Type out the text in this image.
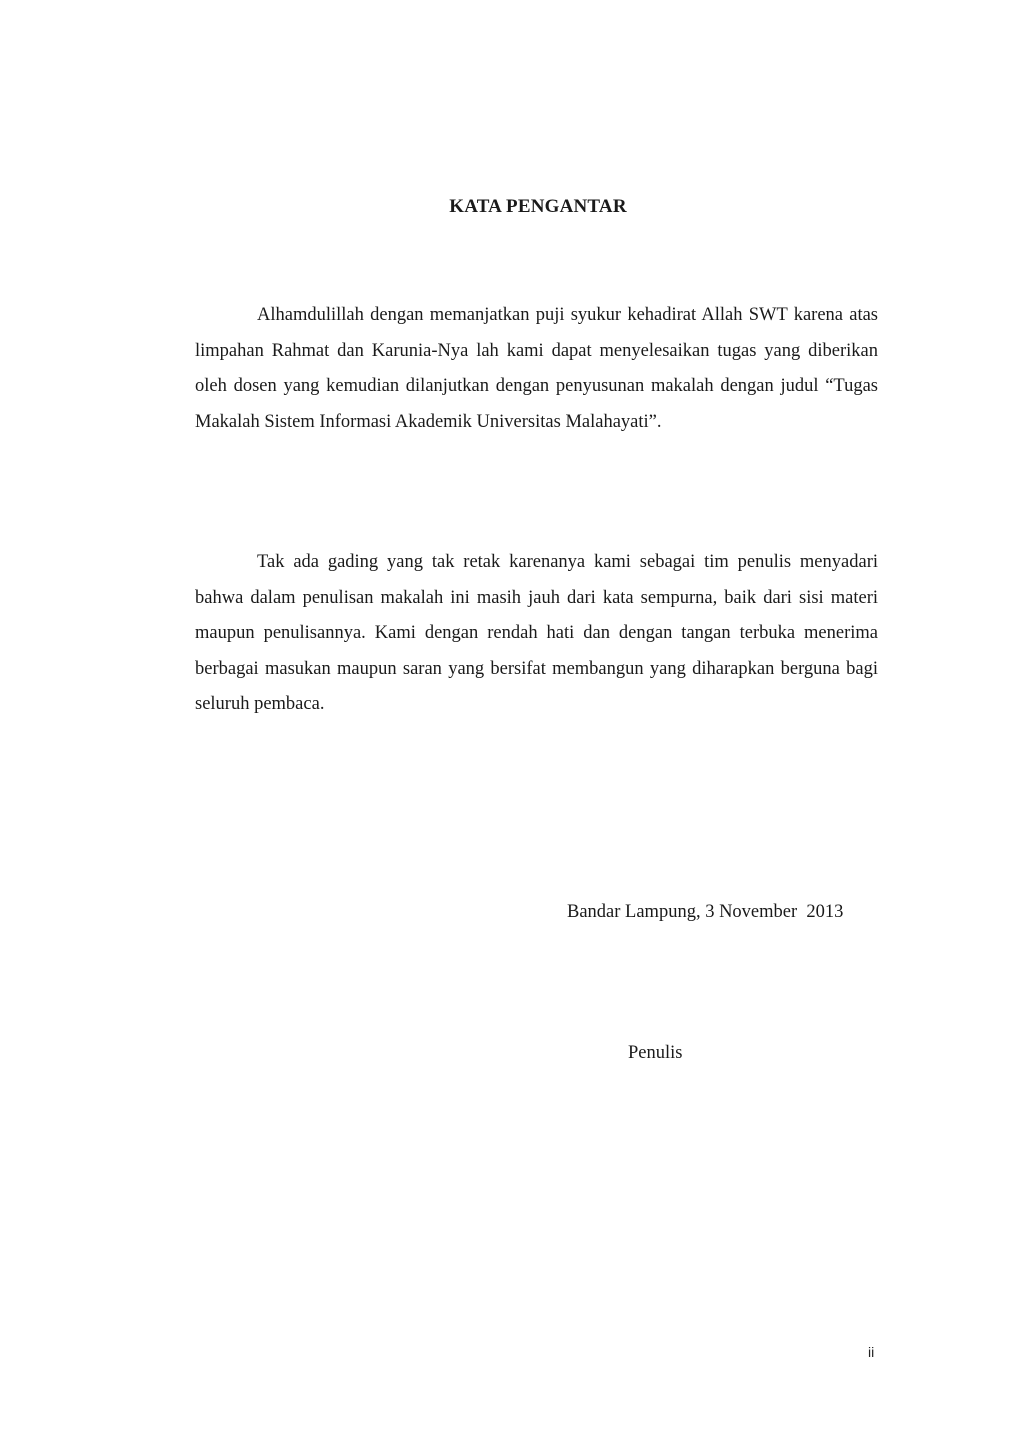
KATA PENGANTAR

Alhamdulillah dengan memanjatkan puji syukur kehadirat Allah SWT karena atas limpahan Rahmat dan Karunia-Nya lah kami dapat menyelesaikan tugas yang diberikan oleh dosen yang kemudian dilanjutkan dengan penyusunan makalah dengan judul “Tugas Makalah Sistem Informasi Akademik Universitas Malahayati”.

Tak ada gading yang tak retak karenanya kami sebagai tim penulis menyadari bahwa dalam penulisan makalah ini masih jauh dari kata sempurna, baik dari sisi materi maupun penulisannya. Kami dengan rendah hati dan dengan tangan terbuka menerima berbagai masukan maupun saran yang bersifat membangun yang diharapkan berguna bagi seluruh pembaca.

Bandar Lampung, 3 November  2013
Penulis
ii
